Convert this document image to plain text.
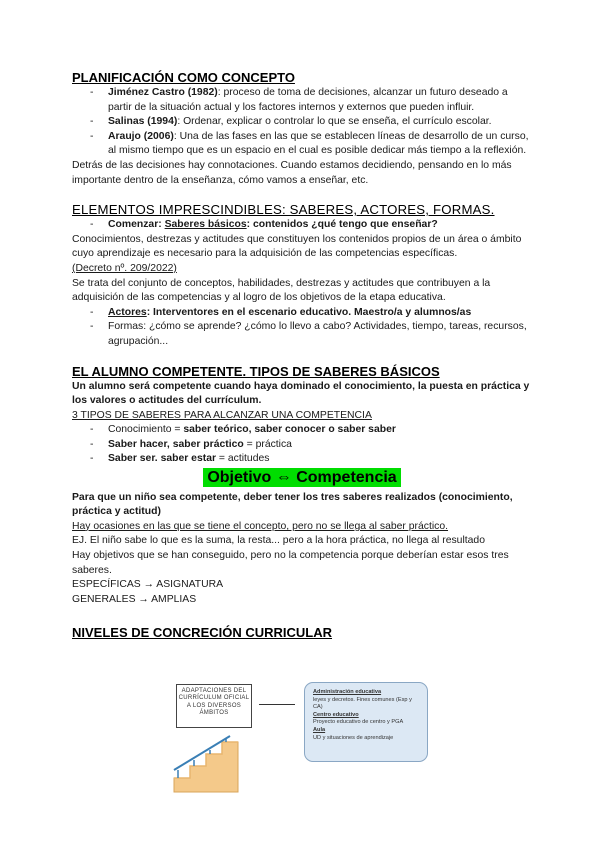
PLANIFICACIÓN COMO CONCEPTO
-	Jiménez Castro (1982): proceso de toma de decisiones, alcanzar un futuro deseado a partir de la situación actual y los factores internos y externos que pueden influir.
-	Salinas (1994): Ordenar, explicar o controlar lo que se enseña, el currículo escolar.
-	Araujo (2006): Una de las fases en las que se establecen líneas de desarrollo de un curso, al mismo tiempo que es un espacio en el cual es posible dedicar más tiempo a la reflexión.

Detrás de las decisiones hay connotaciones. Cuando estamos decidiendo, pensando en lo más importante dentro de la enseñanza, cómo vamos a enseñar, etc.

ELEMENTOS IMPRESCINDIBLES: SABERES, ACTORES, FORMAS.
-	Comenzar: Saberes básicos: contenidos ¿qué tengo que enseñar?

Conocimientos, destrezas y actitudes que constituyen los contenidos propios de un área o ámbito cuyo aprendizaje es necesario para la adquisición de las competencias específicas.

(Decreto nº. 209/2022)

Se trata del conjunto de conceptos, habilidades, destrezas y actitudes que contribuyen a la adquisición de las competencias y al logro de los objetivos de la etapa educativa.

-	Actores: Interventores en el escenario educativo. Maestro/a y alumnos/as
-	Formas: ¿cómo se aprende? ¿cómo lo llevo a cabo? Actividades, tiempo, tareas, recursos, agrupación...
EL ALUMNO COMPETENTE. TIPOS DE SABERES BÁSICOS

Un alumno será competente cuando haya dominado el conocimiento, la puesta en práctica y los valores o actitudes del currículum.

3 TIPOS DE SABERES PARA ALCANZAR UNA COMPETENCIA

-	Conocimiento = saber teórico, saber conocer o saber saber
-	Saber hacer, saber práctico = práctica
-	Saber ser. saber estar = actitudes
Objetivo ⇔ Competencia

Para que un niño sea competente, deber tener los tres saberes realizados (conocimiento, práctica y actitud)

Hay ocasiones en las que se tiene el concepto, pero no se llega al saber práctico.

EJ. El niño sabe lo que es la suma, la resta... pero a la hora práctica, no llega al resultado

Hay objetivos que se han conseguido, pero no la competencia porque deberían estar esos tres saberes.

ESPECÍFICAS → ASIGNATURA

GENERALES → AMPLIAS

NIVELES DE CONCRECIÓN CURRICULAR
ADAPTACIONES DEL CURRÍCULUM OFICIAL A LOS DIVERSOS ÁMBITOS
Administración educativa
leyes y decretos. Fines comunes (Esp y CA)
Centro educativo
Proyecto educativo de centro y PGA
Aula
UD y situaciones de aprendizaje
